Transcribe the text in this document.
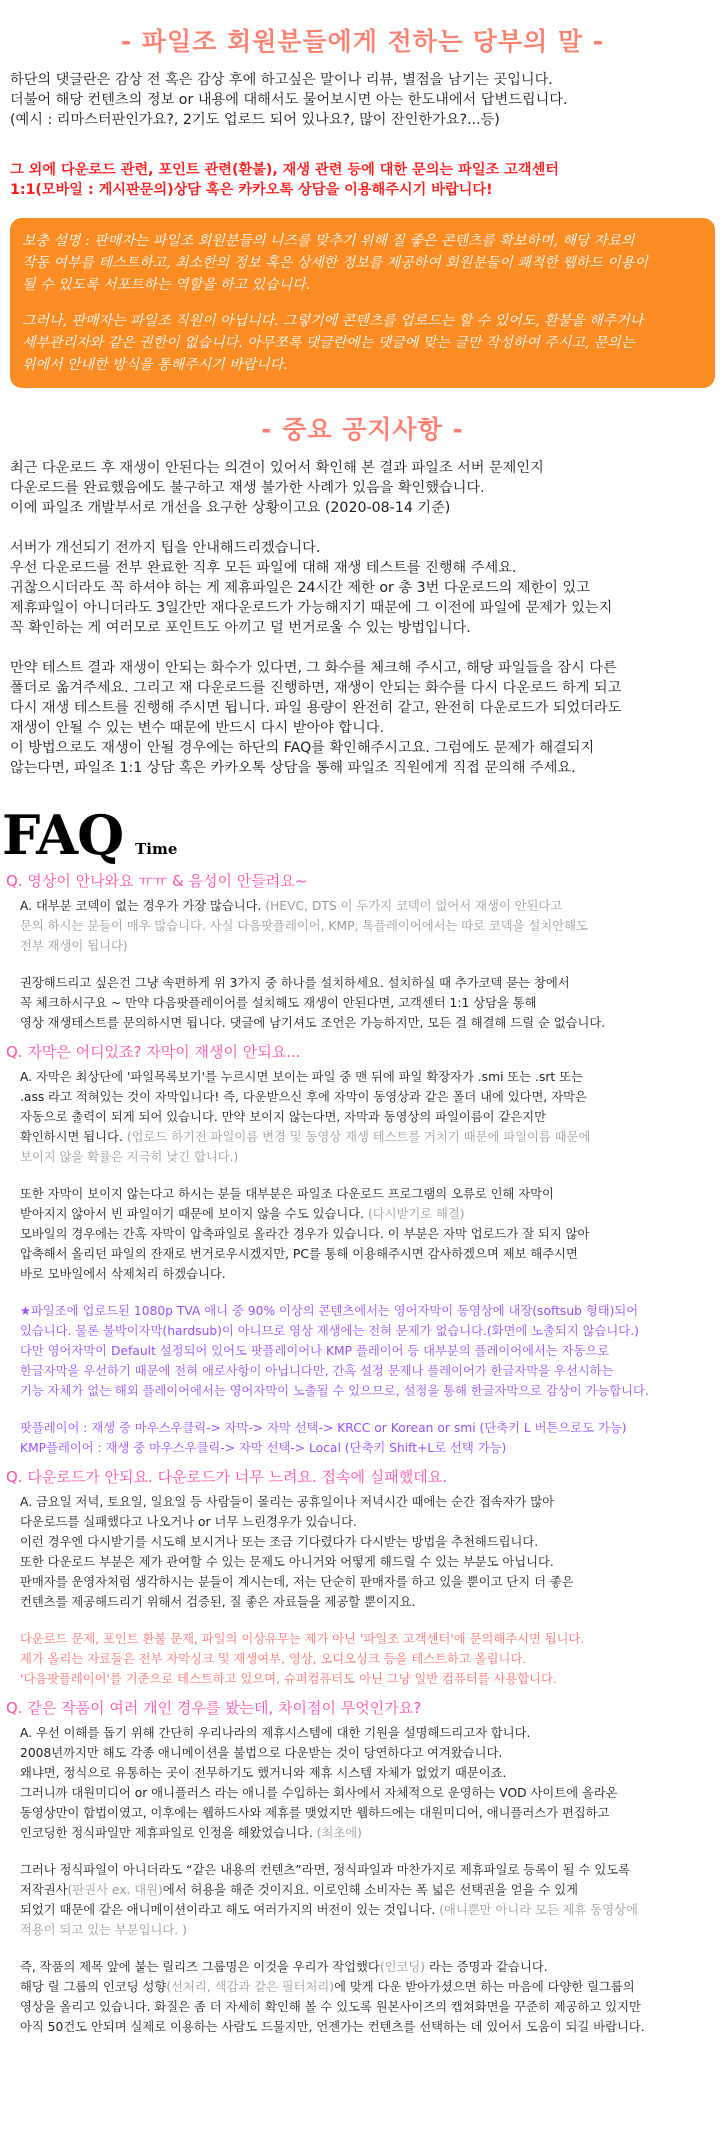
- 파일조 회원분들에게 전하는 당부의 말 -

하단의 댓글란은 감상 전 혹은 감상 후에 하고싶은 말이나 리뷰, 별점을 남기는 곳입니다.

더불어 해당 컨텐츠의 정보 or 내용에 대해서도 물어보시면 아는 한도내에서 답변드립니다.

(예시 : 리마스터판인가요?, 2기도 업로드 되어 있나요?, 많이 잔인한가요?...등)

그 외에 다운로드 관련, 포인트 관련(환불), 재생 관련 등에 대한 문의는 파일조 고객센터

1:1(모바일 : 게시판문의)상담 혹은 카카오톡 상담을 이용해주시기 바랍니다!

보충 설명 : 판매자는 파일조 회원분들의 니즈를 맞추기 위해 질 좋은 콘텐츠를 확보하며, 해당 자료의

작동 여부를 테스트하고, 최소한의 정보 혹은 상세한 정보를 제공하여 회원분들이 쾌적한 웹하드 이용이

될 수 있도록 서포트하는 역할을 하고 있습니다.

그러나, 판매자는 파일조 직원이 아닙니다. 그렇기에 콘텐츠를 업로드는 할 수 있어도, 환불을 해주거나

세부관리자와 같은 권한이 없습니다. 아무쪼록 댓글란에는 댓글에 맞는 글만 작성하여 주시고, 문의는

위에서 안내한 방식을 통해주시기 바랍니다.

- 중요 공지사항 -

최근 다운로드 후 재생이 안된다는 의견이 있어서 확인해 본 결과 파일조 서버 문제인지

다운로드를 완료했음에도 불구하고 재생 불가한 사례가 있음을 확인했습니다.

이에 파일조 개발부서로 개선을 요구한 상황이고요 (2020-08-14 기준)

서버가 개선되기 전까지 팁을 안내해드리겠습니다.

우선 다운로드를 전부 완료한 직후 모든 파일에 대해 재생 테스트를 진행해 주세요.

귀찮으시더라도 꼭 하셔야 하는 게 제휴파일은 24시간 제한 or 총 3번 다운로드의 제한이 있고

제휴파일이 아니더라도 3일간만 재다운로드가 가능해지기 때문에 그 이전에 파일에 문제가 있는지

꼭 확인하는 게 여러모로 포인트도 아끼고 덜 번거로울 수 있는 방법입니다.

만약 테스트 결과 재생이 안되는 화수가 있다면, 그 화수를 체크해 주시고, 해당 파일들을 잠시 다른

폴더로 옮겨주세요. 그리고 재 다운로드를 진행하면, 재생이 안되는 화수를 다시 다운로드 하게 되고

다시 재생 테스트를 진행해 주시면 됩니다. 파일 용량이 완전히 같고, 완전히 다운로드가 되었더라도

재생이 안될 수 있는 변수 때문에 반드시 다시 받아야 합니다.

이 방법으로도 재생이 안될 경우에는 하단의 FAQ를 확인해주시고요. 그럼에도 문제가 해결되지

않는다면, 파일조 1:1 상담 혹은 카카오톡 상담을 통해 파일조 직원에게 직접 문의해 주세요.

FAQ Time

Q. 영상이 안나와요 ㅠㅠ & 음성이 안들려요~

A. 대부분 코덱이 없는 경우가 가장 많습니다. (HEVC, DTS 이 두가지 코덱이 없어서 재생이 안된다고

문의 하시는 분들이 매우 많습니다. 사실 다음팟플레이어, KMP, 톡플레이어에서는 따로 코덱을 설치안해도

전부 재생이 됩니다)

권장해드리고 싶은건 그냥 속편하게 위 3가지 중 하나를 설치하세요. 설치하실 때 추가코덱 묻는 창에서

꼭 체크하시구요 ~ 만약 다음팟플레이어를 설치해도 재생이 안된다면, 고객센터 1:1 상담을 통해

영상 재생테스트를 문의하시면 됩니다. 댓글에 남기셔도 조언은 가능하지만, 모든 걸 해결해 드릴 순 없습니다.

Q. 자막은 어디있죠? 자막이 재생이 안되요...

A. 자막은 최상단에 '파일목록보기'를 누르시면 보이는 파일 중 맨 뒤에 파일 확장자가 .smi 또는 .srt 또는

.ass 라고 적혀있는 것이 자막입니다! 즉, 다운받으신 후에 자막이 동영상과 같은 폴더 내에 있다면, 자막은

자동으로 출력이 되게 되어 있습니다. 만약 보이지 않는다면, 자막과 동영상의 파일이름이 같은지만

확인하시면 됩니다. (업로드 하기전 파일이름 변경 및 동영상 재생 테스트를 거치기 때문에 파일이름 때문에

보이지 않을 확률은 지극히 낮긴 합니다.)

또한 자막이 보이지 않는다고 하시는 분들 대부분은 파일조 다운로드 프로그램의 오류로 인해 자막이

받아지지 않아서 빈 파일이기 때문에 보이지 않을 수도 있습니다. (다시받기로 해결)

모바일의 경우에는 간혹 자막이 압축파일로 올라간 경우가 있습니다. 이 부분은 자막 업로드가 잘 되지 않아

압축해서 올리던 파일의 잔재로 번거로우시겠지만, PC를 통해 이용해주시면 감사하겠으며 제보 해주시면

바로 모바일에서 삭제처리 하겠습니다.

★파일조에 업로드된 1080p TVA 애니 중 90% 이상의 콘텐츠에서는 영어자막이 동영상에 내장(softsub 형태)되어

있습니다. 물론 불박이자막(hardsub)이 아니므로 영상 재생에는 전혀 문제가 없습니다.(화면에 노출되지 않습니다.)

다만 영어자막이 Default 설정되어 있어도 팟플레이어나 KMP 플레이어 등 대부분의 플레이어에서는 자동으로

한글자막을 우선하기 때문에 전혀 애로사항이 아닙니다만, 간혹 설정 문제나 플레이어가 한글자막을 우선시하는

기능 자체가 없는 해외 플레이어에서는 영어자막이 노출될 수 있으므로, 설정을 통해 한글자막으로 감상이 가능합니다.

팟플레이어 : 재생 중 마우스우클릭-> 자막-> 자막 선택-> KRCC or Korean or smi (단축키 L 버튼으로도 가능)

KMP플레이어 : 재생 중 마우스우클릭-> 자막 선택-> Local (단축키 Shift+L로 선택 가능)

Q. 다운로드가 안되요. 다운로드가 너무 느려요. 접속에 실패했데요.

A. 금요일 저녁, 토요일, 일요일 등 사람들이 몰리는 공휴일이나 저녁시간 때에는 순간 접속자가 많아

다운로드를 실패했다고 나오거나 or 너무 느린경우가 있습니다.

이런 경우엔 다시받기를 시도해 보시거나 또는 조금 기다렸다가 다시받는 방법을 추천해드립니다.

또한 다운로드 부분은 제가 관여할 수 있는 문제도 아니거와 어떻게 해드릴 수 있는 부분도 아닙니다.

판매자를 운영자처럼 생각하시는 분들이 계시는데, 저는 단순히 판매자를 하고 있을 뿐이고 단지 더 좋은

컨텐츠를 제공해드리기 위해서 검증된, 질 좋은 자료들을 제공할 뿐이지요.

다운로드 문제, 포인트 환불 문제, 파일의 이상유무는 제가 아닌 '파일조 고객센터'에 문의해주시면 됩니다.

제가 올리는 자료들은 전부 자막싱크 및 재생여부, 영상, 오디오싱크 등을 테스트하고 올립니다.

'다음팟플레이어'를 기준으로 테스트하고 있으며, 슈퍼컴퓨터도 아닌 그냥 일반 컴퓨터를 사용합니다.

Q. 같은 작품이 여러 개인 경우를 봤는데, 차이점이 무엇인가요?

A. 우선 이해를 돕기 위해 간단히 우리나라의 제휴시스템에 대한 기원을 설명해드리고자 합니다.

2008년까지만 해도 각종 애니메이션을 불법으로 다운받는 것이 당연하다고 여겨왔습니다.

왜냐면, 정식으로 유통하는 곳이 전무하기도 했거니와 제휴 시스템 자체가 없었기 때문이죠.

그러니까 대원미디어 or 애니플러스 라는 애니를 수입하는 회사에서 자체적으로 운영하는 VOD 사이트에 올라온

동영상만이 합법이였고, 이후에는 웹하드사와 제휴를 맺었지만 웹하드에는 대원미디어, 애니플러스가 편집하고

인코딩한 정식파일만 제휴파일로 인정을 해왔었습니다. (최초에)

그러나 정식파일이 아니더라도 “같은 내용의 컨텐츠”라면, 정식파일과 마찬가지로 제휴파일로 등록이 될 수 있도록

저작권사(판권사 ex. 대원)에서 허용을 해준 것이지요. 이로인해 소비자는 폭 넓은 선택권을 얻을 수 있게

되었기 때문에 같은 애니메이션이라고 해도 여러가지의 버전이 있는 것입니다. (애니뿐만 아니라 모든 제휴 동영상에

적용이 되고 있는 부분입니다. )

즉, 작품의 제목 앞에 붙는 릴리즈 그룹명은 이것을 우리가 작업했다(인코딩) 라는 증명과 같습니다.

해당 릴 그룹의 인코딩 성향(선처리, 색감과 같은 필터처리)에 맞게 다운 받아가셨으면 하는 마음에 다양한 릴그룹의

영상을 올리고 있습니다. 화질은 좀 더 자세히 확인해 볼 수 있도록 원본사이즈의 캡쳐화면을 꾸준히 제공하고 있지만

아직 50건도 안되며 실제로 이용하는 사람도 드물지만, 언젠가는 컨텐츠를 선택하는 데 있어서 도움이 되길 바랍니다.
